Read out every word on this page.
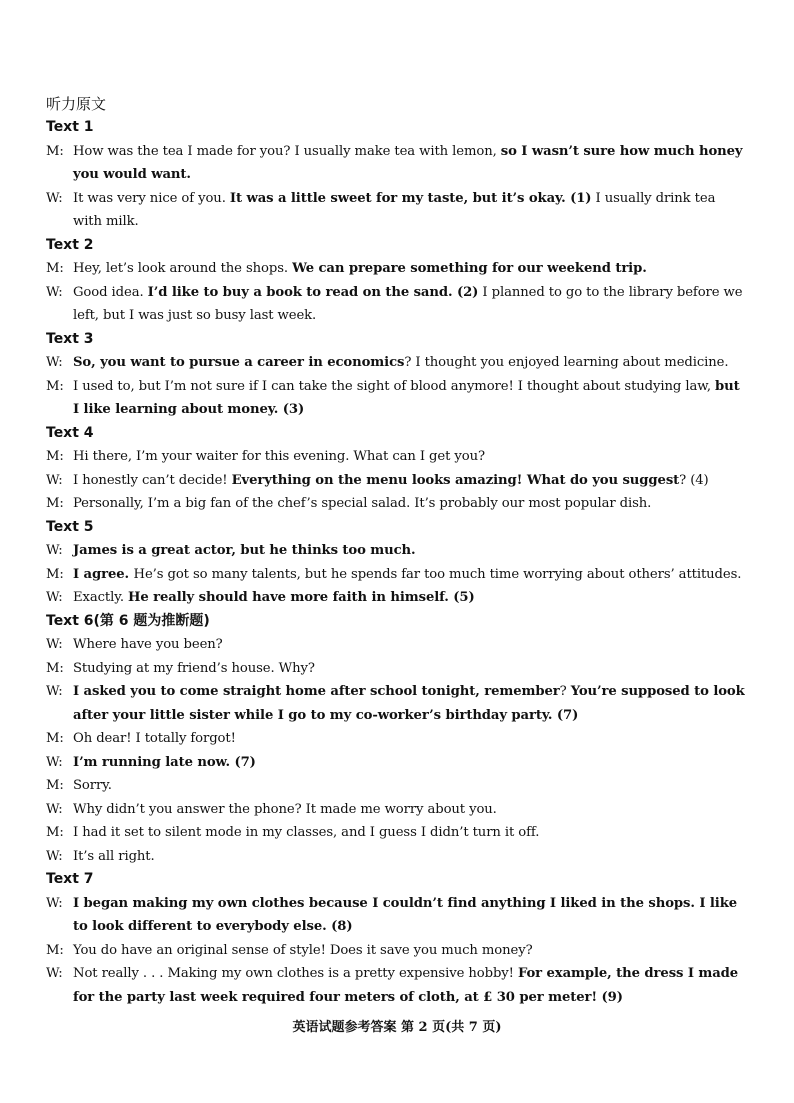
听力原文
Text 1
M: How was the tea I made for you? I usually make tea with lemon, so I wasn’t sure how much honey you would want.
W: It was very nice of you. It was a little sweet for my taste, but it’s okay. (1) I usually drink tea with milk.
Text 2
M: Hey, let’s look around the shops. We can prepare something for our weekend trip.
W: Good idea. I’d like to buy a book to read on the sand. (2) I planned to go to the library before we left, but I was just so busy last week.
Text 3
W: So, you want to pursue a career in economics? I thought you enjoyed learning about medicine.
M: I used to, but I’m not sure if I can take the sight of blood anymore! I thought about studying law, but I like learning about money. (3)
Text 4
M: Hi there, I’m your waiter for this evening. What can I get you?
W: I honestly can’t decide! Everything on the menu looks amazing! What do you suggest? (4)
M: Personally, I’m a big fan of the chef’s special salad. It’s probably our most popular dish.
Text 5
W: James is a great actor, but he thinks too much.
M: I agree. He’s got so many talents, but he spends far too much time worrying about others’ attitudes.
W: Exactly. He really should have more faith in himself. (5)
Text 6(第 6 题为推断题)
W: Where have you been?
M: Studying at my friend’s house. Why?
W: I asked you to come straight home after school tonight, remember? You’re supposed to look after your little sister while I go to my co-worker’s birthday party. (7)
M: Oh dear! I totally forgot!
W: I’m running late now. (7)
M: Sorry.
W: Why didn’t you answer the phone? It made me worry about you.
M: I had it set to silent mode in my classes, and I guess I didn’t turn it off.
W: It’s all right.
Text 7
W: I began making my own clothes because I couldn’t find anything I liked in the shops. I like to look different to everybody else. (8)
M: You do have an original sense of style! Does it save you much money?
W: Not really . . . Making my own clothes is a pretty expensive hobby! For example, the dress I made for the party last week required four meters of cloth, at £ 30 per meter! (9)
英语试题参考答案 第 2 页(共 7 页)
